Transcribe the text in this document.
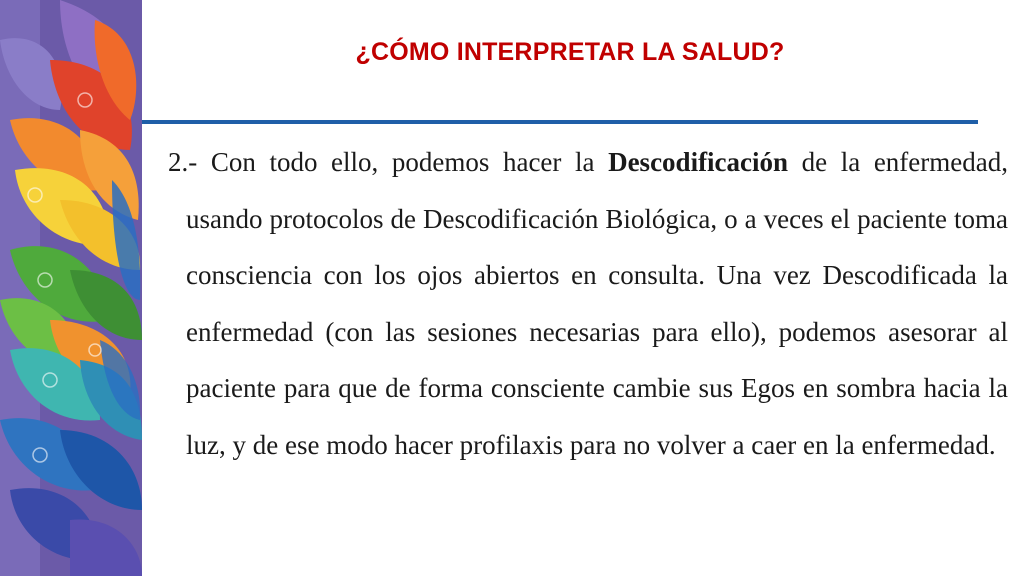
¿CÓMO INTERPRETAR LA SALUD?
2.- Con todo ello, podemos hacer la Descodificación de la enfermedad, usando protocolos de Descodificación Biológica, o a veces el paciente toma consciencia con los ojos abiertos en consulta. Una vez Descodificada la enfermedad (con las sesiones necesarias para ello), podemos asesorar al paciente para que de forma consciente cambie sus Egos en sombra hacia la luz, y de ese modo hacer profilaxis para no volver a caer en la enfermedad.
